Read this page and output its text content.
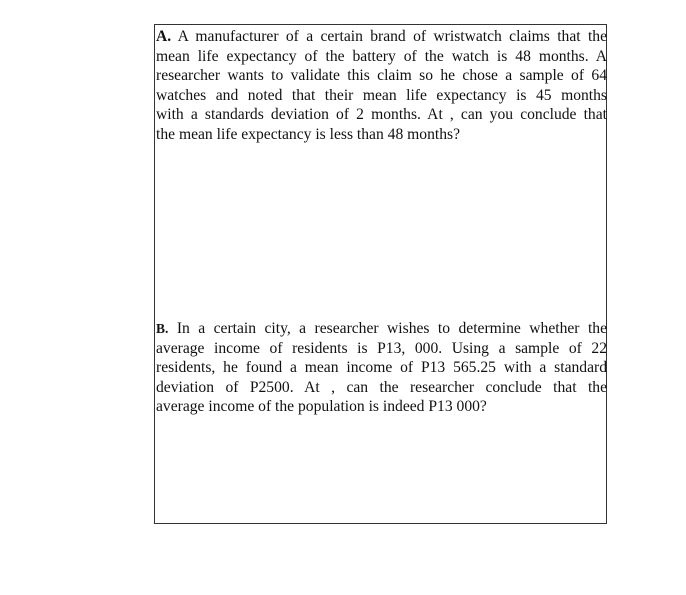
A. A manufacturer of a certain brand of wristwatch claims that the
mean life expectancy of the battery of the watch is 48 months. A
researcher wants to validate this claim so he chose a sample of 64
watches and noted that their mean life expectancy is 45 months
with a standards deviation of 2 months. At , can you conclude that
the mean life expectancy is less than 48 months?
B. In a certain city, a researcher wishes to determine whether the
average income of residents is P13, 000. Using a sample of 22
residents, he found a mean income of P13 565.25 with a standard
deviation of P2500. At , can the researcher conclude that the
average income of the population is indeed P13 000?
